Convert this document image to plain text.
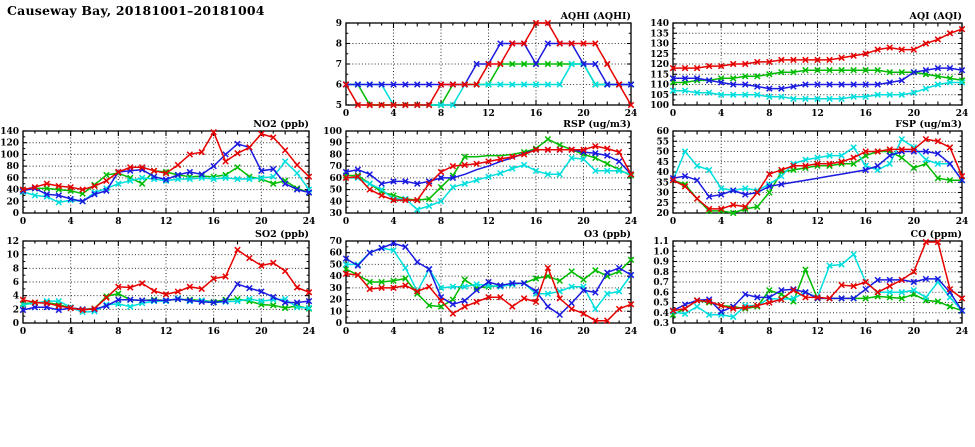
Causeway Bay, 20181001–20181004
0	4	8	12	16	20	24
5
6
7
8
9
AQHI (AQHI)
0	4	8	12	16	20	24
100
105
110
115
120
125
130
135
140
AQI (AQI)
0	4	8	12	16	20	24
0
20
40
60
80
100
120
140
NO2 (ppb)
0	4	8	12	16	20	24
30
40
50
60
70
80
90
100
RSP (ug/m3)
0	4	8	12	16	20	24
20
25
30
35
40
45
50
55
60
FSP (ug/m3)
0	4	8	12	16	20	24
0
2
4
6
8
10
12
SO2 (ppb)
0	4	8	12	16	20	24
0
10
20
30
40
50
60
70
O3 (ppb)
0	4	8	12	16	20	24
0.3
0.4
0.5
0.6
0.7
0.8
0.9
1.0
1.1
CO (ppm)
